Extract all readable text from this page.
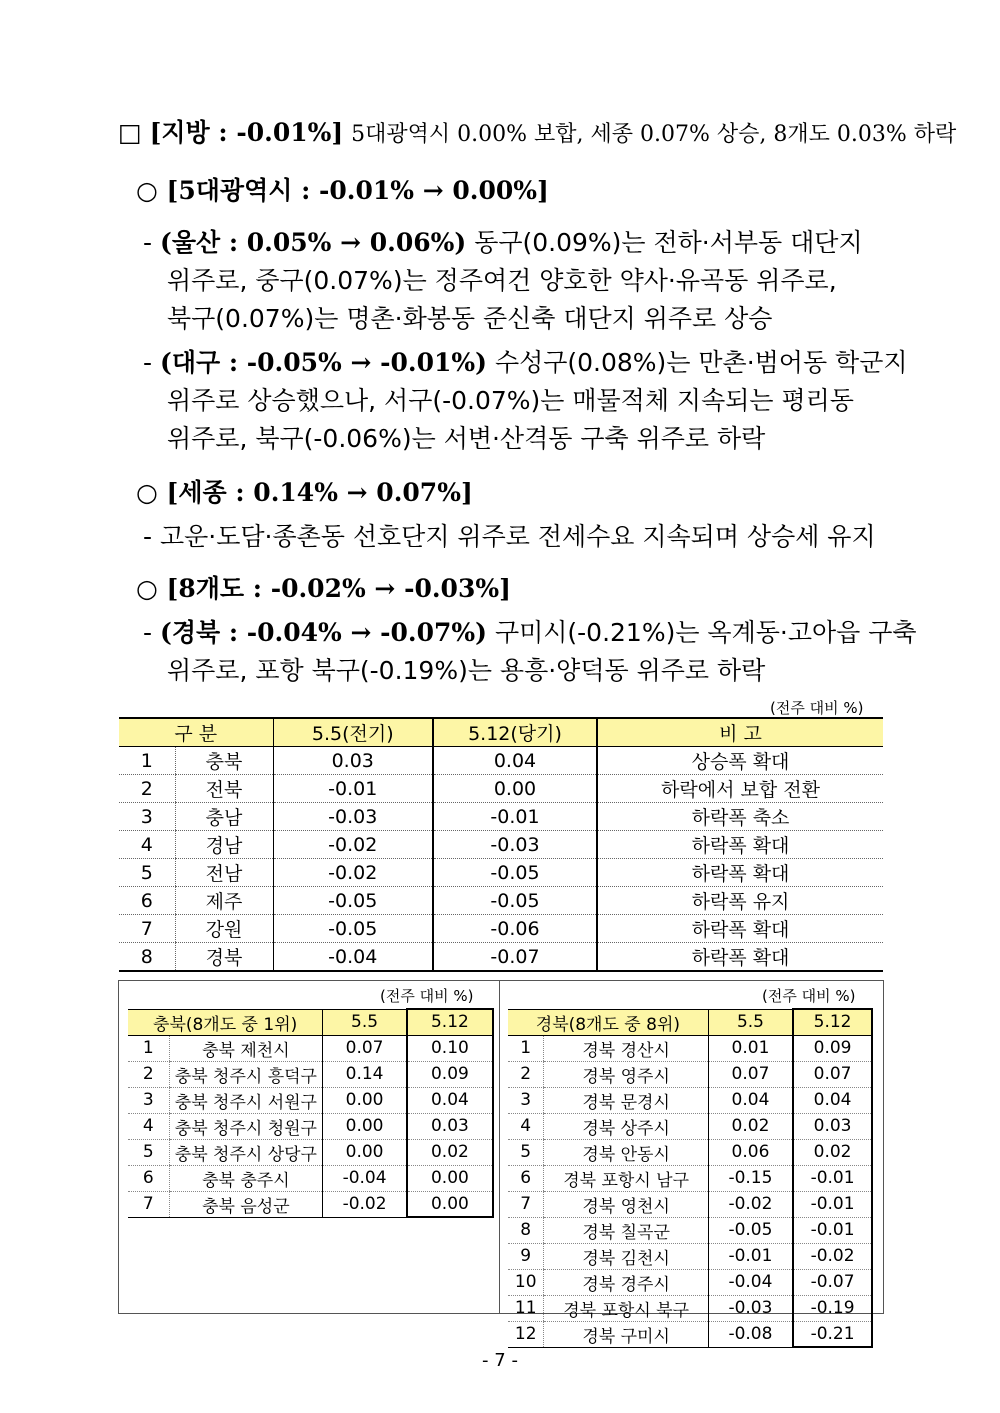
□ [지방 : -0.01%] 5대광역시 0.00% 보합, 세종 0.07% 상승, 8개도 0.03% 하락
○ [5대광역시 : -0.01% → 0.00%]
- (울산 : 0.05% → 0.06%) 동구(0.09%)는 전하·서부동 대단지
위주로, 중구(0.07%)는 정주여건 양호한 약사·유곡동 위주로,
북구(0.07%)는 명촌·화봉동 준신축 대단지 위주로 상승
- (대구 : -0.05% → -0.01%) 수성구(0.08%)는 만촌·범어동 학군지
위주로 상승했으나, 서구(-0.07%)는 매물적체 지속되는 평리동
위주로, 북구(-0.06%)는 서변·산격동 구축 위주로 하락
○ [세종 : 0.14% → 0.07%]
- 고운·도담·종촌동 선호단지 위주로 전세수요 지속되며 상승세 유지
○ [8개도 : -0.02% → -0.03%]
- (경북 : -0.04% → -0.07%) 구미시(-0.21%)는 옥계동·고아읍 구축
위주로, 포항 북구(-0.19%)는 용흥·양덕동 위주로 하락
(전주 대비 %)
구 분		5.5(전기)	5.12(당기)	비 고
1	충북	0.03	0.04	상승폭 확대
2	전북	-0.01	0.00	하락에서 보합 전환
3	충남	-0.03	-0.01	하락폭 축소
4	경남	-0.02	-0.03	하락폭 확대
5	전남	-0.02	-0.05	하락폭 확대
6	제주	-0.05	-0.05	하락폭 유지
7	강원	-0.05	-0.06	하락폭 확대
8	경북	-0.04	-0.07	하락폭 확대
(전주 대비 %)	(전주 대비 %)
충북(8개도 중 1위)		5.5	5.12
1	충북 제천시	0.07	0.10
2	충북 청주시 흥덕구	0.14	0.09
3	충북 청주시 서원구	0.00	0.04
4	충북 청주시 청원구	0.00	0.03
5	충북 청주시 상당구	0.00	0.02
6	충북 충주시	-0.04	0.00
7	충북 음성군	-0.02	0.00
경북(8개도 중 8위)		5.5	5.12
1	경북 경산시	0.01	0.09
2	경북 영주시	0.07	0.07
3	경북 문경시	0.04	0.04
4	경북 상주시	0.02	0.03
5	경북 안동시	0.06	0.02
6	경북 포항시 남구	-0.15	-0.01
7	경북 영천시	-0.02	-0.01
8	경북 칠곡군	-0.05	-0.01
9	경북 김천시	-0.01	-0.02
10	경북 경주시	-0.04	-0.07
11	경북 포항시 북구	-0.03	-0.19
12	경북 구미시	-0.08	-0.21
- 7 -
